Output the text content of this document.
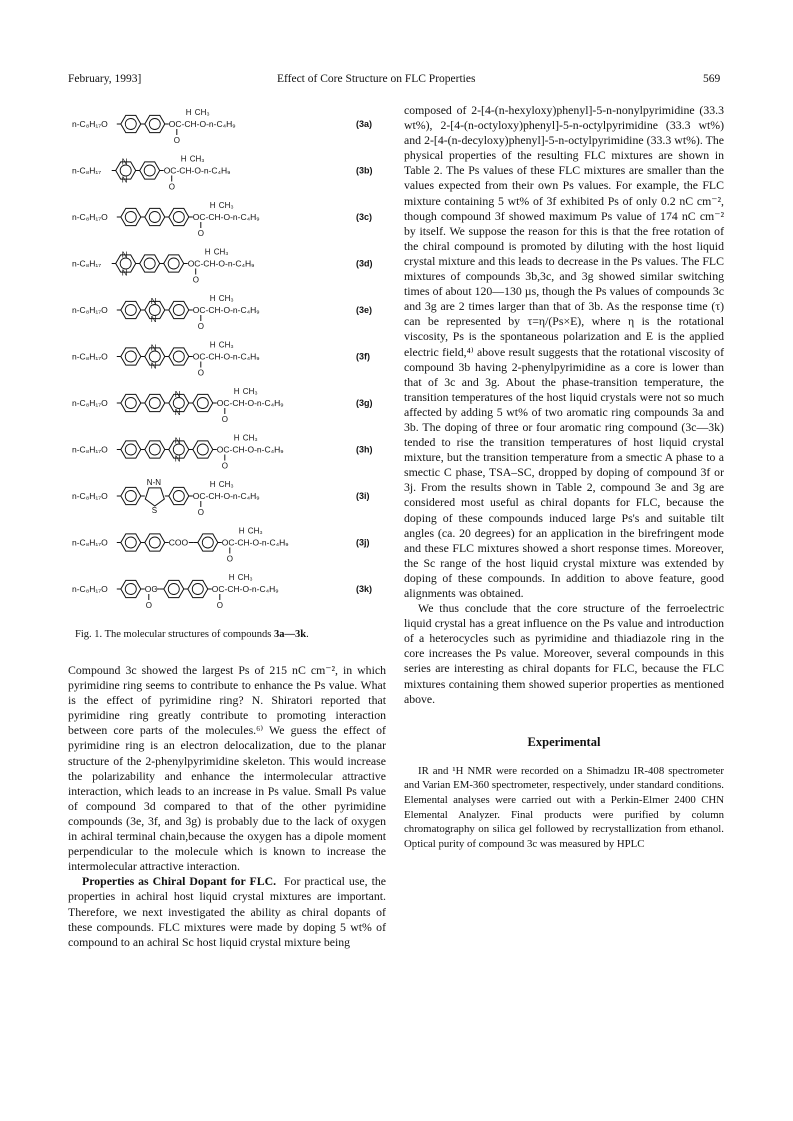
February, 1993]	Effect of Core Structure on FLC Properties	569
n-C₈H₁₇O	OC-CH-O-n-C₄H₉
O
H CH₃
(3a)
n-C₈H₁₇
N
N
OC-CH-O-n-C₄H₉
O
H CH₃
(3b)
n-C₈H₁₇O	OC-CH-O-n-C₄H₉
O
H CH₃
(3c)
n-C₈H₁₇
N
N
OC-CH-O-n-C₄H₉
O
H CH₃
(3d)
n-C₈H₁₇O
N
N
OC-CH-O-n-C₄H₉
O
H CH₃
(3e)
n-C₈H₁₇O
N
N
OC-CH-O-n-C₄H₉
O
H CH₃
(3f)
n-C₈H₁₇O
N
N
OC-CH-O-n-C₄H₉
O
H CH₃
(3g)
n-C₈H₁₇O
N
N
OC-CH-O-n-C₄H₉
O
H CH₃
(3h)
n-C₈H₁₇O
N-N
S
OC-CH-O-n-C₄H₉
O
H CH₃
(3i)
n-C₈H₁₇O	COO	OC-CH-O-n-C₄H₉
O
H CH₃
(3j)
n-C₈H₁₇O	OC
O
OC-CH-O-n-C₄H₉
O
H CH₃
(3k)
Fig. 1. The molecular structures of compounds 3a—3k.

Compound 3c showed the largest Ps of 215 nC cm⁻², in which pyrimidine ring seems to contribute to enhance the Ps value. What is the effect of pyrimidine ring? N. Shiratori reported that pyrimidine ring greatly contribute to promoting interaction between core parts of the molecules.⁶⁾ We guess the effect of pyrimidine ring is an electron delocalization, due to the planar structure of the 2-phenylpyrimidine skeleton. This would increase the polarizability and enhance the intermolecular attractive interaction, which leads to an increase in Ps value. Small Ps value of compound 3d compared to that of the other pyrimidine compounds (3e, 3f, and 3g) is probably due to the lack of oxygen in achiral terminal chain,because the oxygen has a dipole moment perpendicular to the molecule which is known to increase the intermolecular attractive interaction.

Properties as Chiral Dopant for FLC. For practical use, the properties in achiral host liquid crystal mixtures are important. Therefore, we next investigated the ability as chiral dopants of these compounds. FLC mixtures were made by doping 5 wt% of compound to an achiral Sc host liquid crystal mixture being

composed of 2-[4-(n-hexyloxy)phenyl]-5-n-nonylpyrimidine (33.3 wt%), 2-[4-(n-octyloxy)phenyl]-5-n-octylpyrimidine (33.3 wt%) and 2-[4-(n-decyloxy)phenyl]-5-n-octylpyrimidine (33.3 wt%). The physical properties of the resulting FLC mixtures are shown in Table 2. The Ps values of these FLC mixtures are smaller than the values expected from their own Ps values. For example, the FLC mixture containing 5 wt% of 3f exhibited Ps of only 0.2 nC cm⁻², though compound 3f showed maximum Ps value of 174 nC cm⁻² by itself. We suppose the reason for this is that the free rotation of the chiral compound is promoted by diluting with the host liquid crystal mixture and this leads to decrease in the Ps values. The FLC mixtures of compounds 3b,3c, and 3g showed similar switching times of about 120—130 µs, though the Ps values of compounds 3c and 3g are 2 times larger than that of 3b. As the response time (τ) can be represented by τ=η/(Ps×E), where η is the rotational viscosity, Ps is the spontaneous polarization and E is the applied electric field,⁴⁾ above result suggests that the rotational viscosity of compound 3b having 2-phenylpyrimidine as a core is lower than that of 3c and 3g. About the phase-transition temperature, the transition temperatures of the host liquid crystals were not so much affected by adding 5 wt% of two aromatic ring compounds 3a and 3b. The doping of three or four aromatic ring compound (3c—3k) tended to rise the transition temperatures of host liquid crystal mixture, but the transition temperature from a smectic A phase to a smectic C phase, TSA–SC, dropped by doping of compound 3f or 3j. From the results shown in Table 2, compound 3e and 3g are considered most useful as chiral dopants for FLC, because the doping of these compounds induced large Ps's and suitable tilt angles (ca. 20 degrees) for an application in the birefringent mode and these FLC mixtures showed a short response times. Moreover, the Sc range of the host liquid crystal mixture was extended by doping of these compounds. In addition to above feature, good alignments was obtained.

We thus conclude that the core structure of the ferroelectric liquid crystal has a great influence on the Ps value and introduction of a heterocycles such as pyrimidine and thiadiazole ring in the core increases the Ps value. Moreover, several compounds in this series are interesting as chiral dopants for FLC, because the FLC mixtures containing them showed superior properties as mentioned above.

Experimental

IR and ¹H NMR were recorded on a Shimadzu IR-408 spectrometer and Varian EM-360 spectrometer, respectively, under standard conditions. Elemental analyses were carried out with a Perkin-Elmer 2400 CHN Elemental Analyzer. Final products were purified by column chromatography on silica gel followed by recrystallization from ethanol. Optical purity of compound 3c was measured by HPLC
